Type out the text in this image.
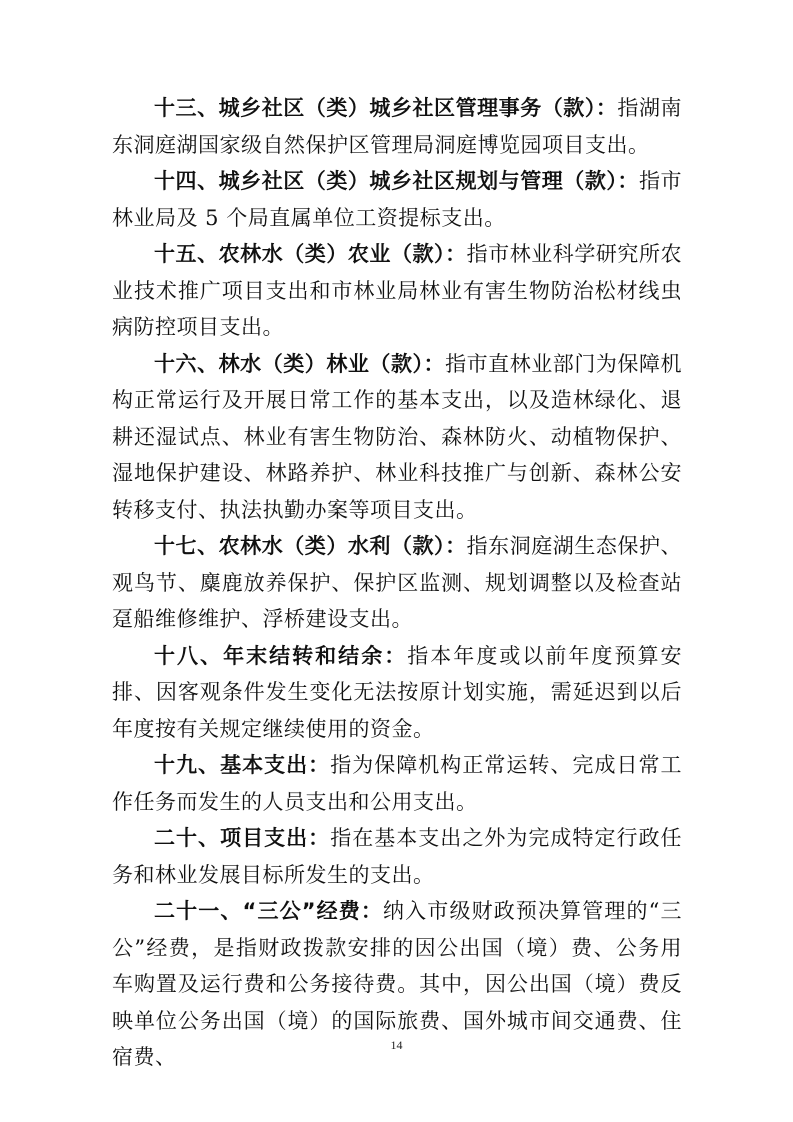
十三、城乡社区（类）城乡社区管理事务（款）：指湖南东洞庭湖国家级自然保护区管理局洞庭博览园项目支出。

十四、城乡社区（类）城乡社区规划与管理（款）：指市林业局及 5 个局直属单位工资提标支出。

十五、农林水（类）农业（款）：指市林业科学研究所农业技术推广项目支出和市林业局林业有害生物防治松材线虫病防控项目支出。

十六、林水（类）林业（款）：指市直林业部门为保障机构正常运行及开展日常工作的基本支出，以及造林绿化、退耕还湿试点、林业有害生物防治、森林防火、动植物保护、湿地保护建设、林路养护、林业科技推广与创新、森林公安转移支付、执法执勤办案等项目支出。

十七、农林水（类）水利（款）：指东洞庭湖生态保护、观鸟节、麋鹿放养保护、保护区监测、规划调整以及检查站趸船维修维护、浮桥建设支出。

十八、年末结转和结余：指本年度或以前年度预算安排、因客观条件发生变化无法按原计划实施，需延迟到以后年度按有关规定继续使用的资金。

十九、基本支出：指为保障机构正常运转、完成日常工作任务而发生的人员支出和公用支出。

二十、项目支出：指在基本支出之外为完成特定行政任务和林业发展目标所发生的支出。

二十一、“三公”经费：纳入市级财政预决算管理的“三公”经费，是指财政拨款安排的因公出国（境）费、公务用车购置及运行费和公务接待费。其中，因公出国（境）费反映单位公务出国（境）的国际旅费、国外城市间交通费、住宿费、	14
